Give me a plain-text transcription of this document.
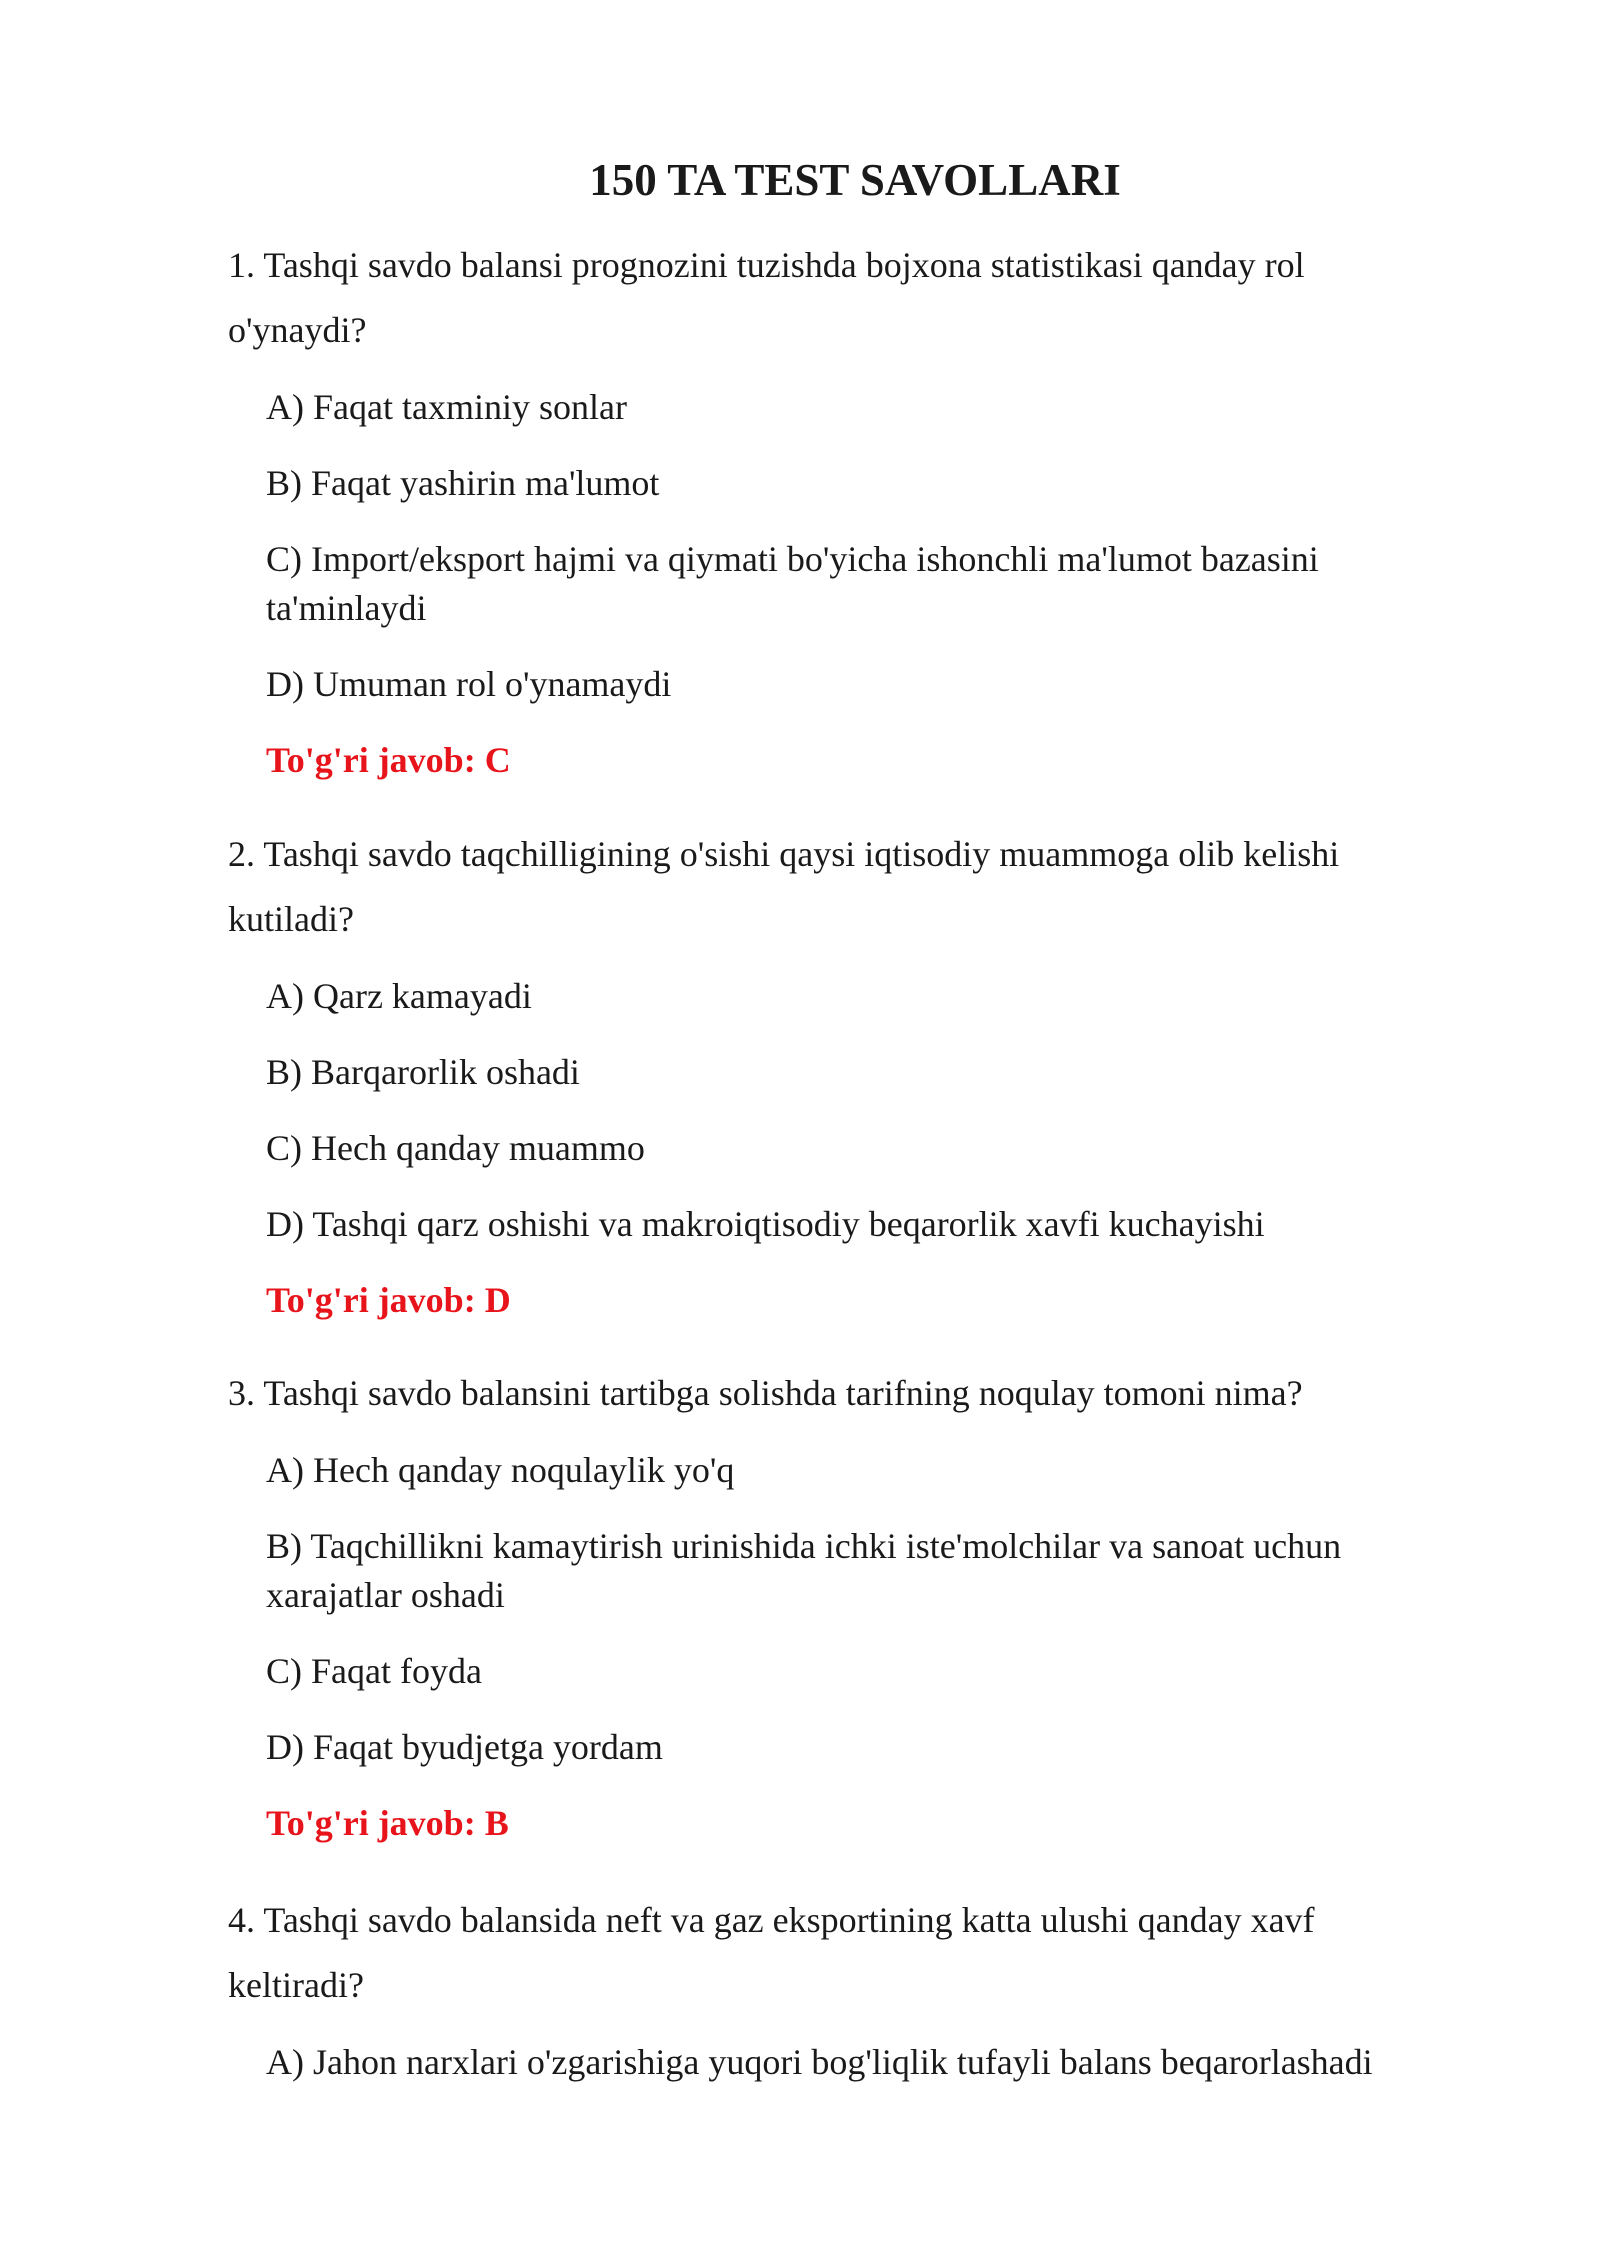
150 TA TEST SAVOLLARI

1. Tashqi savdo balansi prognozini tuzishda bojxona statistikasi qanday rol o'ynaydi?

A) Faqat taxminiy sonlar
B) Faqat yashirin ma'lumot
C) Import/eksport hajmi va qiymati bo'yicha ishonchli ma'lumot bazasini ta'minlaydi
D) Umuman rol o'ynamaydi
To'g'ri javob: C

2. Tashqi savdo taqchilligining o'sishi qaysi iqtisodiy muammoga olib kelishi kutiladi?

A) Qarz kamayadi
B) Barqarorlik oshadi
C) Hech qanday muammo
D) Tashqi qarz oshishi va makroiqtisodiy beqarorlik xavfi kuchayishi
To'g'ri javob: D

3. Tashqi savdo balansini tartibga solishda tarifning noqulay tomoni nima?

A) Hech qanday noqulaylik yo'q
B) Taqchillikni kamaytirish urinishida ichki iste'molchilar va sanoat uchun xarajatlar oshadi
C) Faqat foyda
D) Faqat byudjetga yordam
To'g'ri javob: B

4. Tashqi savdo balansida neft va gaz eksportining katta ulushi qanday xavf keltiradi?

A) Jahon narxlari o'zgarishiga yuqori bog'liqlik tufayli balans beqarorlashadi
